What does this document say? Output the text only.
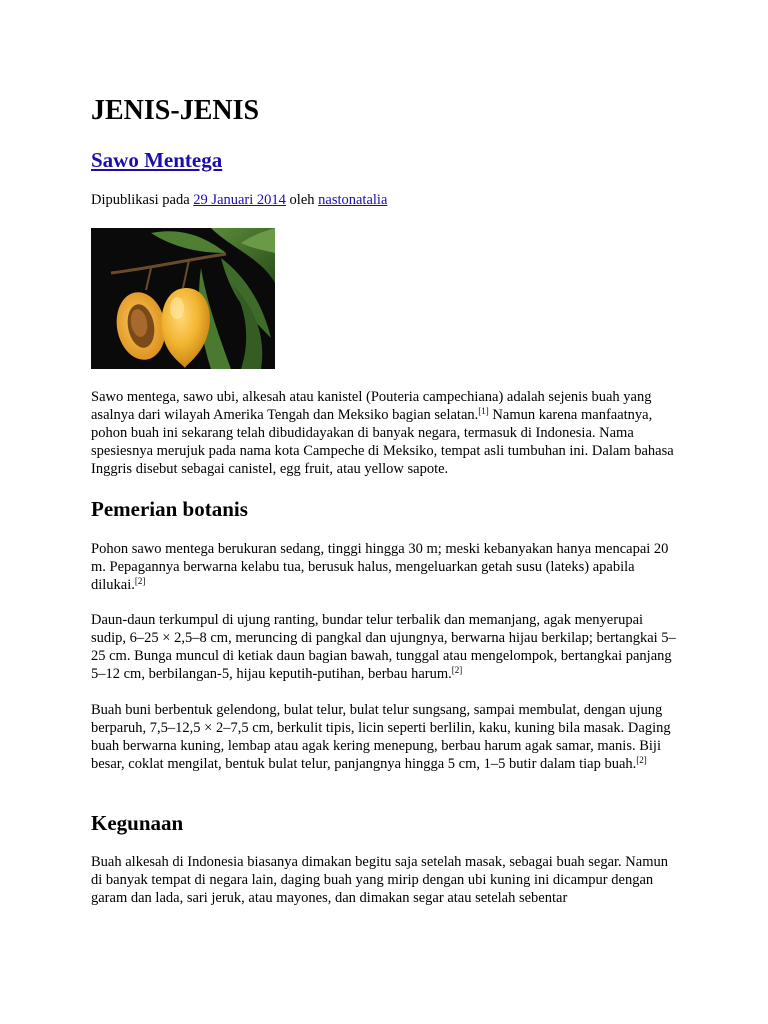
JENIS-JENIS
Sawo Mentega

Dipublikasi pada 29 Januari 2014 oleh nastonatalia

Sawo mentega, sawo ubi, alkesah atau kanistel (Pouteria campechiana) adalah sejenis buah yang asalnya dari wilayah Amerika Tengah dan Meksiko bagian selatan.[1] Namun karena manfaatnya, pohon buah ini sekarang telah dibudidayakan di banyak negara, termasuk di Indonesia. Nama spesiesnya merujuk pada nama kota Campeche di Meksiko, tempat asli tumbuhan ini. Dalam bahasa Inggris disebut sebagai canistel, egg fruit, atau yellow sapote.

Pemerian botanis

Pohon sawo mentega berukuran sedang, tinggi hingga 30 m; meski kebanyakan hanya mencapai 20 m. Pepagannya berwarna kelabu tua, berusuk halus, mengeluarkan getah susu (lateks) apabila dilukai.[2]

Daun-daun terkumpul di ujung ranting, bundar telur terbalik dan memanjang, agak menyerupai sudip, 6–25 × 2,5–8 cm, meruncing di pangkal dan ujungnya, berwarna hijau berkilap; bertangkai 5–25 cm. Bunga muncul di ketiak daun bagian bawah, tunggal atau mengelompok, bertangkai panjang 5–12 cm, berbilangan-5, hijau keputih-putihan, berbau harum.[2]

Buah buni berbentuk gelendong, bulat telur, bulat telur sungsang, sampai membulat, dengan ujung berparuh, 7,5–12,5 × 2–7,5 cm, berkulit tipis, licin seperti berlilin, kaku, kuning bila masak. Daging buah berwarna kuning, lembap atau agak kering menepung, berbau harum agak samar, manis. Biji besar, coklat mengilat, bentuk bulat telur, panjangnya hingga 5 cm, 1–5 butir dalam tiap buah.[2]

Kegunaan

Buah alkesah di Indonesia biasanya dimakan begitu saja setelah masak, sebagai buah segar. Namun di banyak tempat di negara lain, daging buah yang mirip dengan ubi kuning ini dicampur dengan garam dan lada, sari jeruk, atau mayones, dan dimakan segar atau setelah sebentar
